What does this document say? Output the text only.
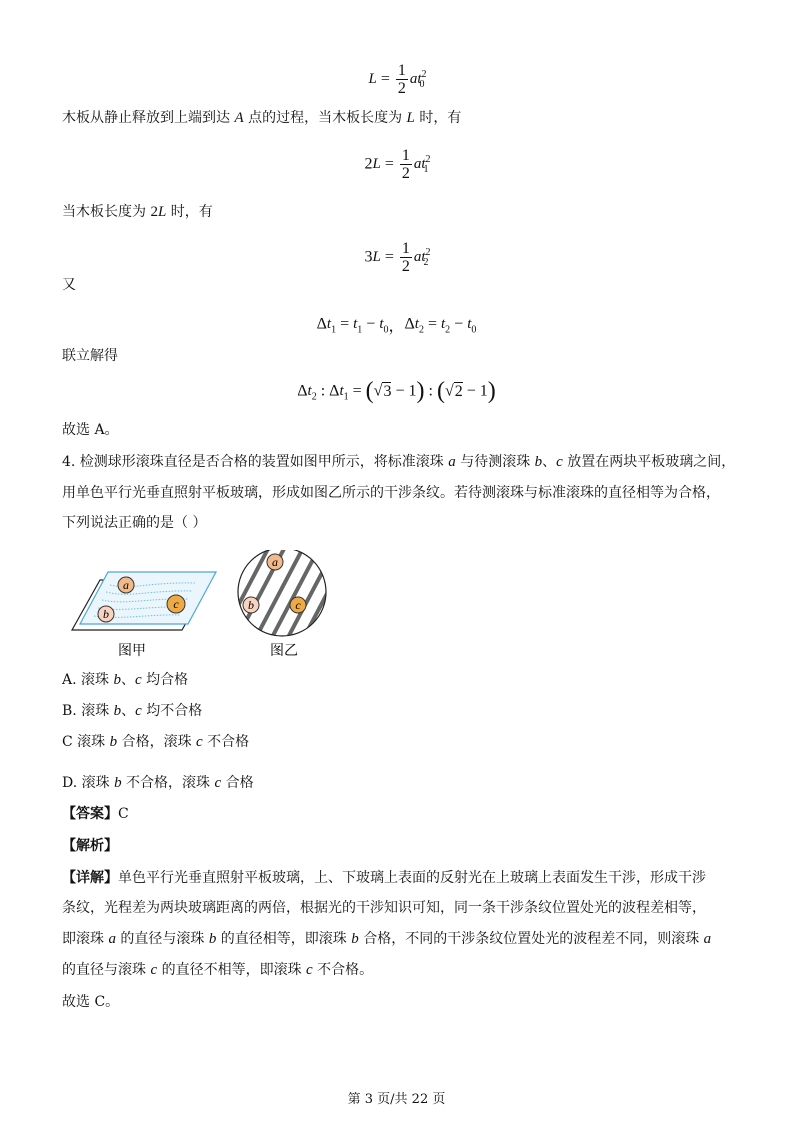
$L = \frac{1}{2} at^2_0$
木板从静止释放到上端到达 A 点的过程，当木板长度为 L 时，有
$2L = \frac{1}{2} at^2_1$
当木板长度为 2L 时，有
$3L = \frac{1}{2} at^2_2$
又
$\Delta t_1 = t_1 - t_0$，$\Delta t_2 = t_2 - t_0$
联立解得
$\Delta t_2$ : $\Delta t_1 = (√3 - 1)$ : (√2 − 1)
故选 A。
4. 检测球形滚珠直径是否合格的装置如图甲所示，将标准滚珠 a 与待测滚珠 b、c 放置在两块平板玻璃之间，
用单色平行光垂直照射平板玻璃，形成如图乙所示的干涉条纹。若待测滚珠与标准滚珠的直径相等为合格，
下列说法正确的是（ ）
a
b
c
图甲
a
b	c
图乙
A. 滚珠 b、c 均合格
B. 滚珠 b、c 均不合格
C 滚珠 b 合格，滚珠 c 不合格
D. 滚珠 b 不合格，滚珠 c 合格
【答案】C
【解析】
【详解】单色平行光垂直照射平板玻璃，上、下玻璃上表面的反射光在上玻璃上表面发生干涉，形成干涉
条纹，光程差为两块玻璃距离的两倍，根据光的干涉知识可知，同一条干涉条纹位置处光的波程差相等，
即滚珠 a 的直径与滚珠 b 的直径相等，即滚珠 b 合格，不同的干涉条纹位置处光的波程差不同，则滚珠 a
的直径与滚珠 c 的直径不相等，即滚珠 c 不合格。
故选 C。
第 3 页/共 22 页
